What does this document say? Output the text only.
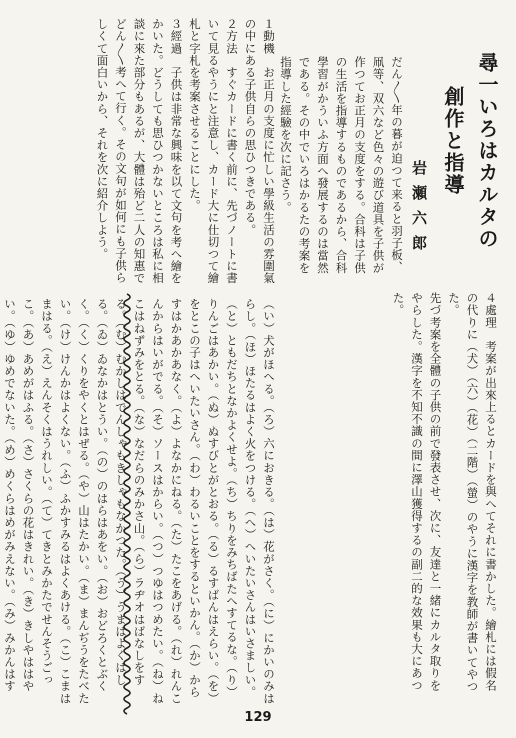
尋一いろはカルタの
創作と指導
岩瀬六郎

だん〳〵年の暮が迫つて来ると羽子板、凧等、双六など色々の遊び道具を子供が作つてお正月の支度をする。合科は子供の生活を指導するものであるから、合科學習がかういふ方面へ發展するのは當然である。その中でいろはかるたの考案を指導した經驗を次に記さう。

４處理　考案が出來上るとカードを與へてそれに書かした。繪札には假名の代りに（犬）（六）（花）（二階）（螢）のやうに漢字を教師が書いてやつた。

先づ考案を全體の子供の前で發表させ、次に、友達と一緒にカルタ取りをやらした。漢字を不知不識の間に澤山獲得するの副二的な效果も大にあつた。

１動機　お正月の支度に忙しい學級生活の雰圍氣の中にある子供自らの思ひつきである。

２方法　すぐカードに書く前に、先づノートに書いて見るやうにと注意し、カード大に仕切つて繪札と字札を考案させることにした。

３經過　子供は非常な興味を以て文句を考へ繪をかいた。どうしても思ひつかないところは私に相談に來た部分もあるが、大體は殆ど二人の知惠でどん〳〵考へて行く。その文句が如何にも子供らしくて面白いから、それを次に紹介しよう。

（い）犬がほへる。（ろ）六におきる。（は）花がさく。（に）にかいのみはらし。（ほ）ほたるはよく火をつける。（へ）へいたいさんはいさましい。（と）ともだちとなかよくせよ。（ち）ちりをみちばたへすてるな。（り）りんごはあかい。（ぬ）ぬすびとがとおる。（る）るすばんはえらい。（を）をとこの子はへいたいさん。（わ）わるいことをするといかん。（か）からすはかあかあなく。（よ）よなかにねる。（た）たこをあげる。（れ）れんこんからはいがでる。（そ）ソースはからい。（つ）つゆはつめたい。（ね）ねこはねずみをとる。（な）なだらのみかさ山。（ら）ラヂオはばなしをする。（む）むかしはでんしゃもきしゃもなかつた。（う）うまはよくはしる。（ゐ）ゐなかはとうい。（の）のはらはあをい。（お）おどろくとぶくく。（く）くりをやくとはぜる。（や）山はたかい。（ま）まんぢうをたべたい。（け）けんかはよくない。（ふ）ふかすみるはよくあける。（こ）こまはまはる。（え）えんそくはうれしい。（て）てきとみかたでせんそうごっこ。（あ）あめがはふる。（さ）さくらの花はきれい。（き）きしやははやい。（ゆ）ゆめでないた。（め）めくらはめがみえない。（み）みかんはす

129
